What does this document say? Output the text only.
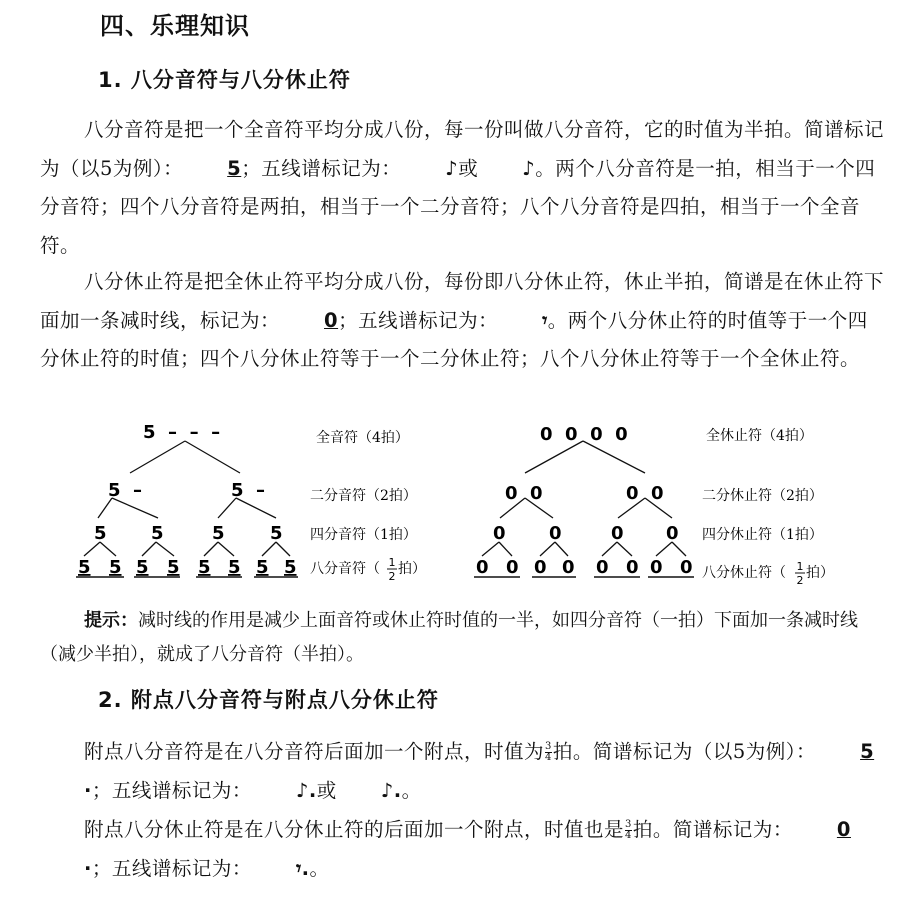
四、乐理知识
1. 八分音符与八分休止符

八分音符是把一个全音符平均分成八份，每一份叫做八分音符，它的时值为半拍。简谱标记为（以5为例）： 5；五线谱标记为： ♪或 ♪。两个八分音符是一拍，相当于一个四分音符；四个八分音符是两拍，相当于一个二分音符；八个八分音符是四拍，相当于一个全音符。

八分休止符是把全休止符平均分成八份，每份即八分休止符，休止半拍，简谱是在休止符下面加一条减时线，标记为： 0；五线谱标记为： 𝄾。两个八分休止符的时值等于一个四分休止符的时值；四个八分休止符等于一个二分休止符；八个八分休止符等于一个全休止符。

5  –  –  –
5  –	5  –
5 5	5	5
5 5 5 5 5 5 5 5
全音符（4拍）
二分音符（2拍）
四分音符（1拍）
八分音符（ 1
2 拍）
0  0  0  0
0  0	0  0
0 0	0 0
0 0 0 0 0 0 0 0
全休止符（4拍）
二分休止符（2拍）
四分休止符（1拍）
八分休止符（ 1
2 拍）

提示：减时线的作用是减少上面音符或休止符时值的一半，如四分音符（一拍）下面加一条减时线（减少半拍），就成了八分音符（半拍）。

2. 附点八分音符与附点八分休止符

附点八分音符是在八分音符后面加一个附点，时值为 $\frac{3}{4}$ 拍。简谱标记为（以5为例）： 5·；五线谱标记为： ♪.或 ♪.。

附点八分休止符是在八分休止符的后面加一个附点，时值也是 $\frac{3}{4}$ 拍。简谱标记为： 0·；五线谱标记为： 𝄾.。
